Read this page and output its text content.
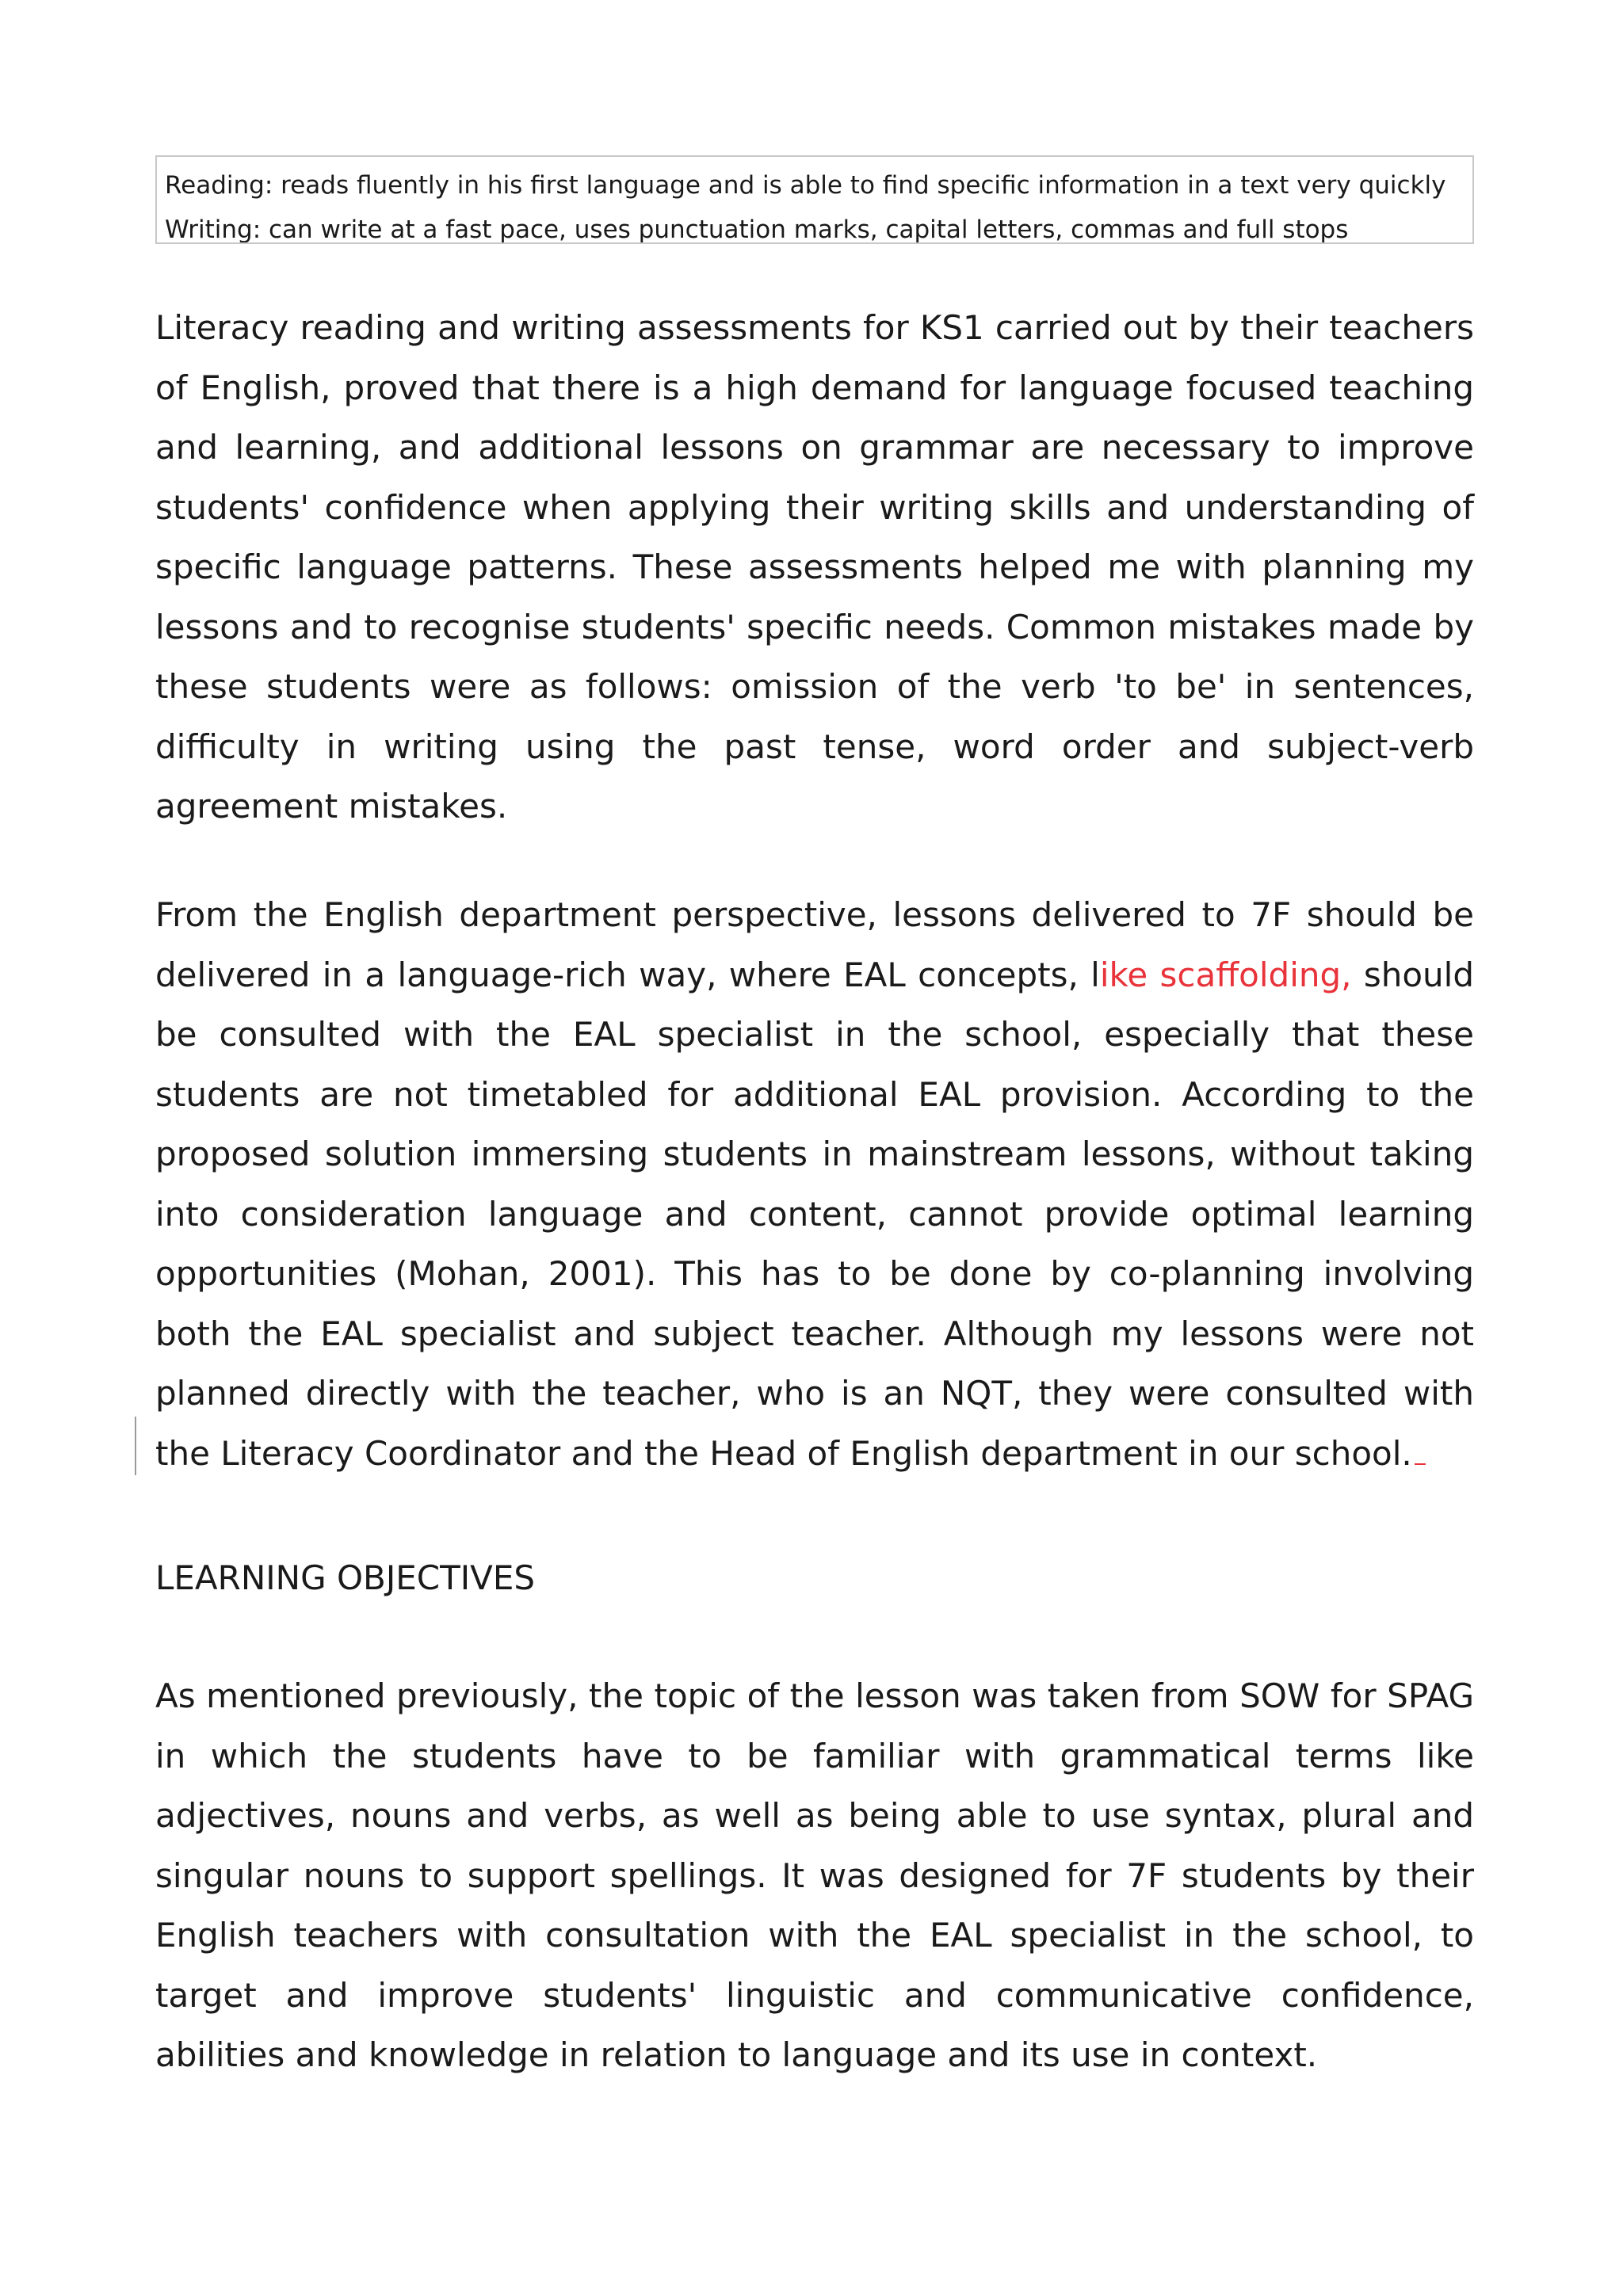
Reading: reads fluently in his first language and is able to find specific information in a text very quickly
Writing: can write at a fast pace, uses punctuation marks, capital letters, commas and full stops

Literacy reading and writing assessments for KS1 carried out by their teachers of English, proved that there is a high demand for language focused teaching and learning, and additional lessons on grammar are necessary to improve students' confidence when applying their writing skills and understanding of specific language patterns. These assessments helped me with planning my lessons and to recognise students' specific needs. Common mistakes made by these students were as follows: omission of the verb 'to be' in sentences, difficulty in writing using the past tense, word order and subject-verb agreement mistakes.

From the English department perspective, lessons delivered to 7F should be delivered in a language-rich way, where EAL concepts, like scaffolding, should be consulted with the EAL specialist in the school, especially that these students are not timetabled for additional EAL provision. According to the proposed solution immersing students in mainstream lessons, without taking into consideration language and content, cannot provide optimal learning opportunities (Mohan, 2001). This has to be done by co-planning involving both the EAL specialist and subject teacher. Although my lessons were not planned directly with the teacher, who is an NQT, they were consulted with the Literacy Coordinator and the Head of English department in our school.

LEARNING OBJECTIVES

As mentioned previously, the topic of the lesson was taken from SOW for SPAG in which the students have to be familiar with grammatical terms like adjectives, nouns and verbs, as well as being able to use syntax, plural and singular nouns to support spellings. It was designed for 7F students by their English teachers with consultation with the EAL specialist in the school, to target and improve students' linguistic and communicative confidence, abilities and knowledge in relation to language and its use in context.
